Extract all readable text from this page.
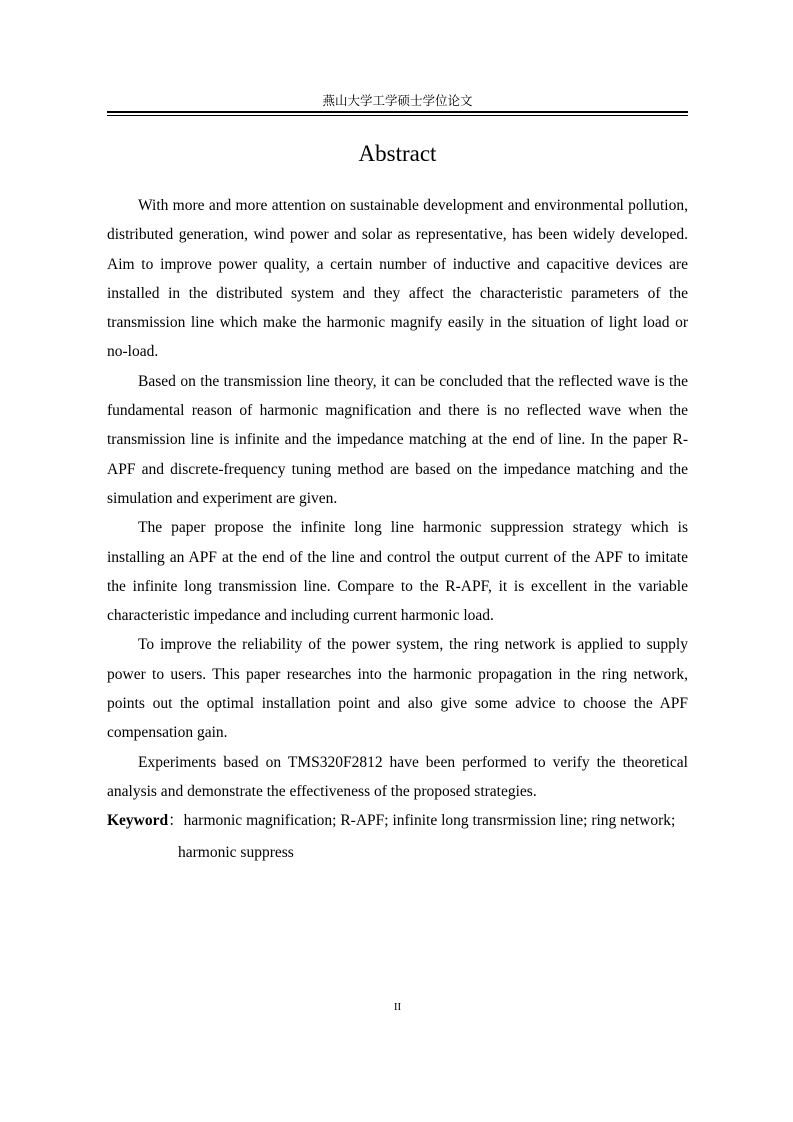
燕山大学工学硕士学位论文
Abstract

With more and more attention on sustainable development and environmental pollution, distributed generation, wind power and solar as representative, has been widely developed. Aim to improve power quality, a certain number of inductive and capacitive devices are installed in the distributed system and they affect the characteristic parameters of the transmission line which make the harmonic magnify easily in the situation of light load or no-load.

Based on the transmission line theory, it can be concluded that the reflected wave is the fundamental reason of harmonic magnification and there is no reflected wave when the transmission line is infinite and the impedance matching at the end of line. In the paper R-APF and discrete-frequency tuning method are based on the impedance matching and the simulation and experiment are given.

The paper propose the infinite long line harmonic suppression strategy which is installing an APF at the end of the line and control the output current of the APF to imitate the infinite long transmission line. Compare to the R-APF, it is excellent in the variable characteristic impedance and including current harmonic load.

To improve the reliability of the power system, the ring network is applied to supply power to users. This paper researches into the harmonic propagation in the ring network, points out the optimal installation point and also give some advice to choose the APF compensation gain.

Experiments based on TMS320F2812 have been performed to verify the theoretical analysis and demonstrate the effectiveness of the proposed strategies.

Keyword：harmonic magnification; R-APF; infinite long transrmission line; ring network;
harmonic suppress
II
